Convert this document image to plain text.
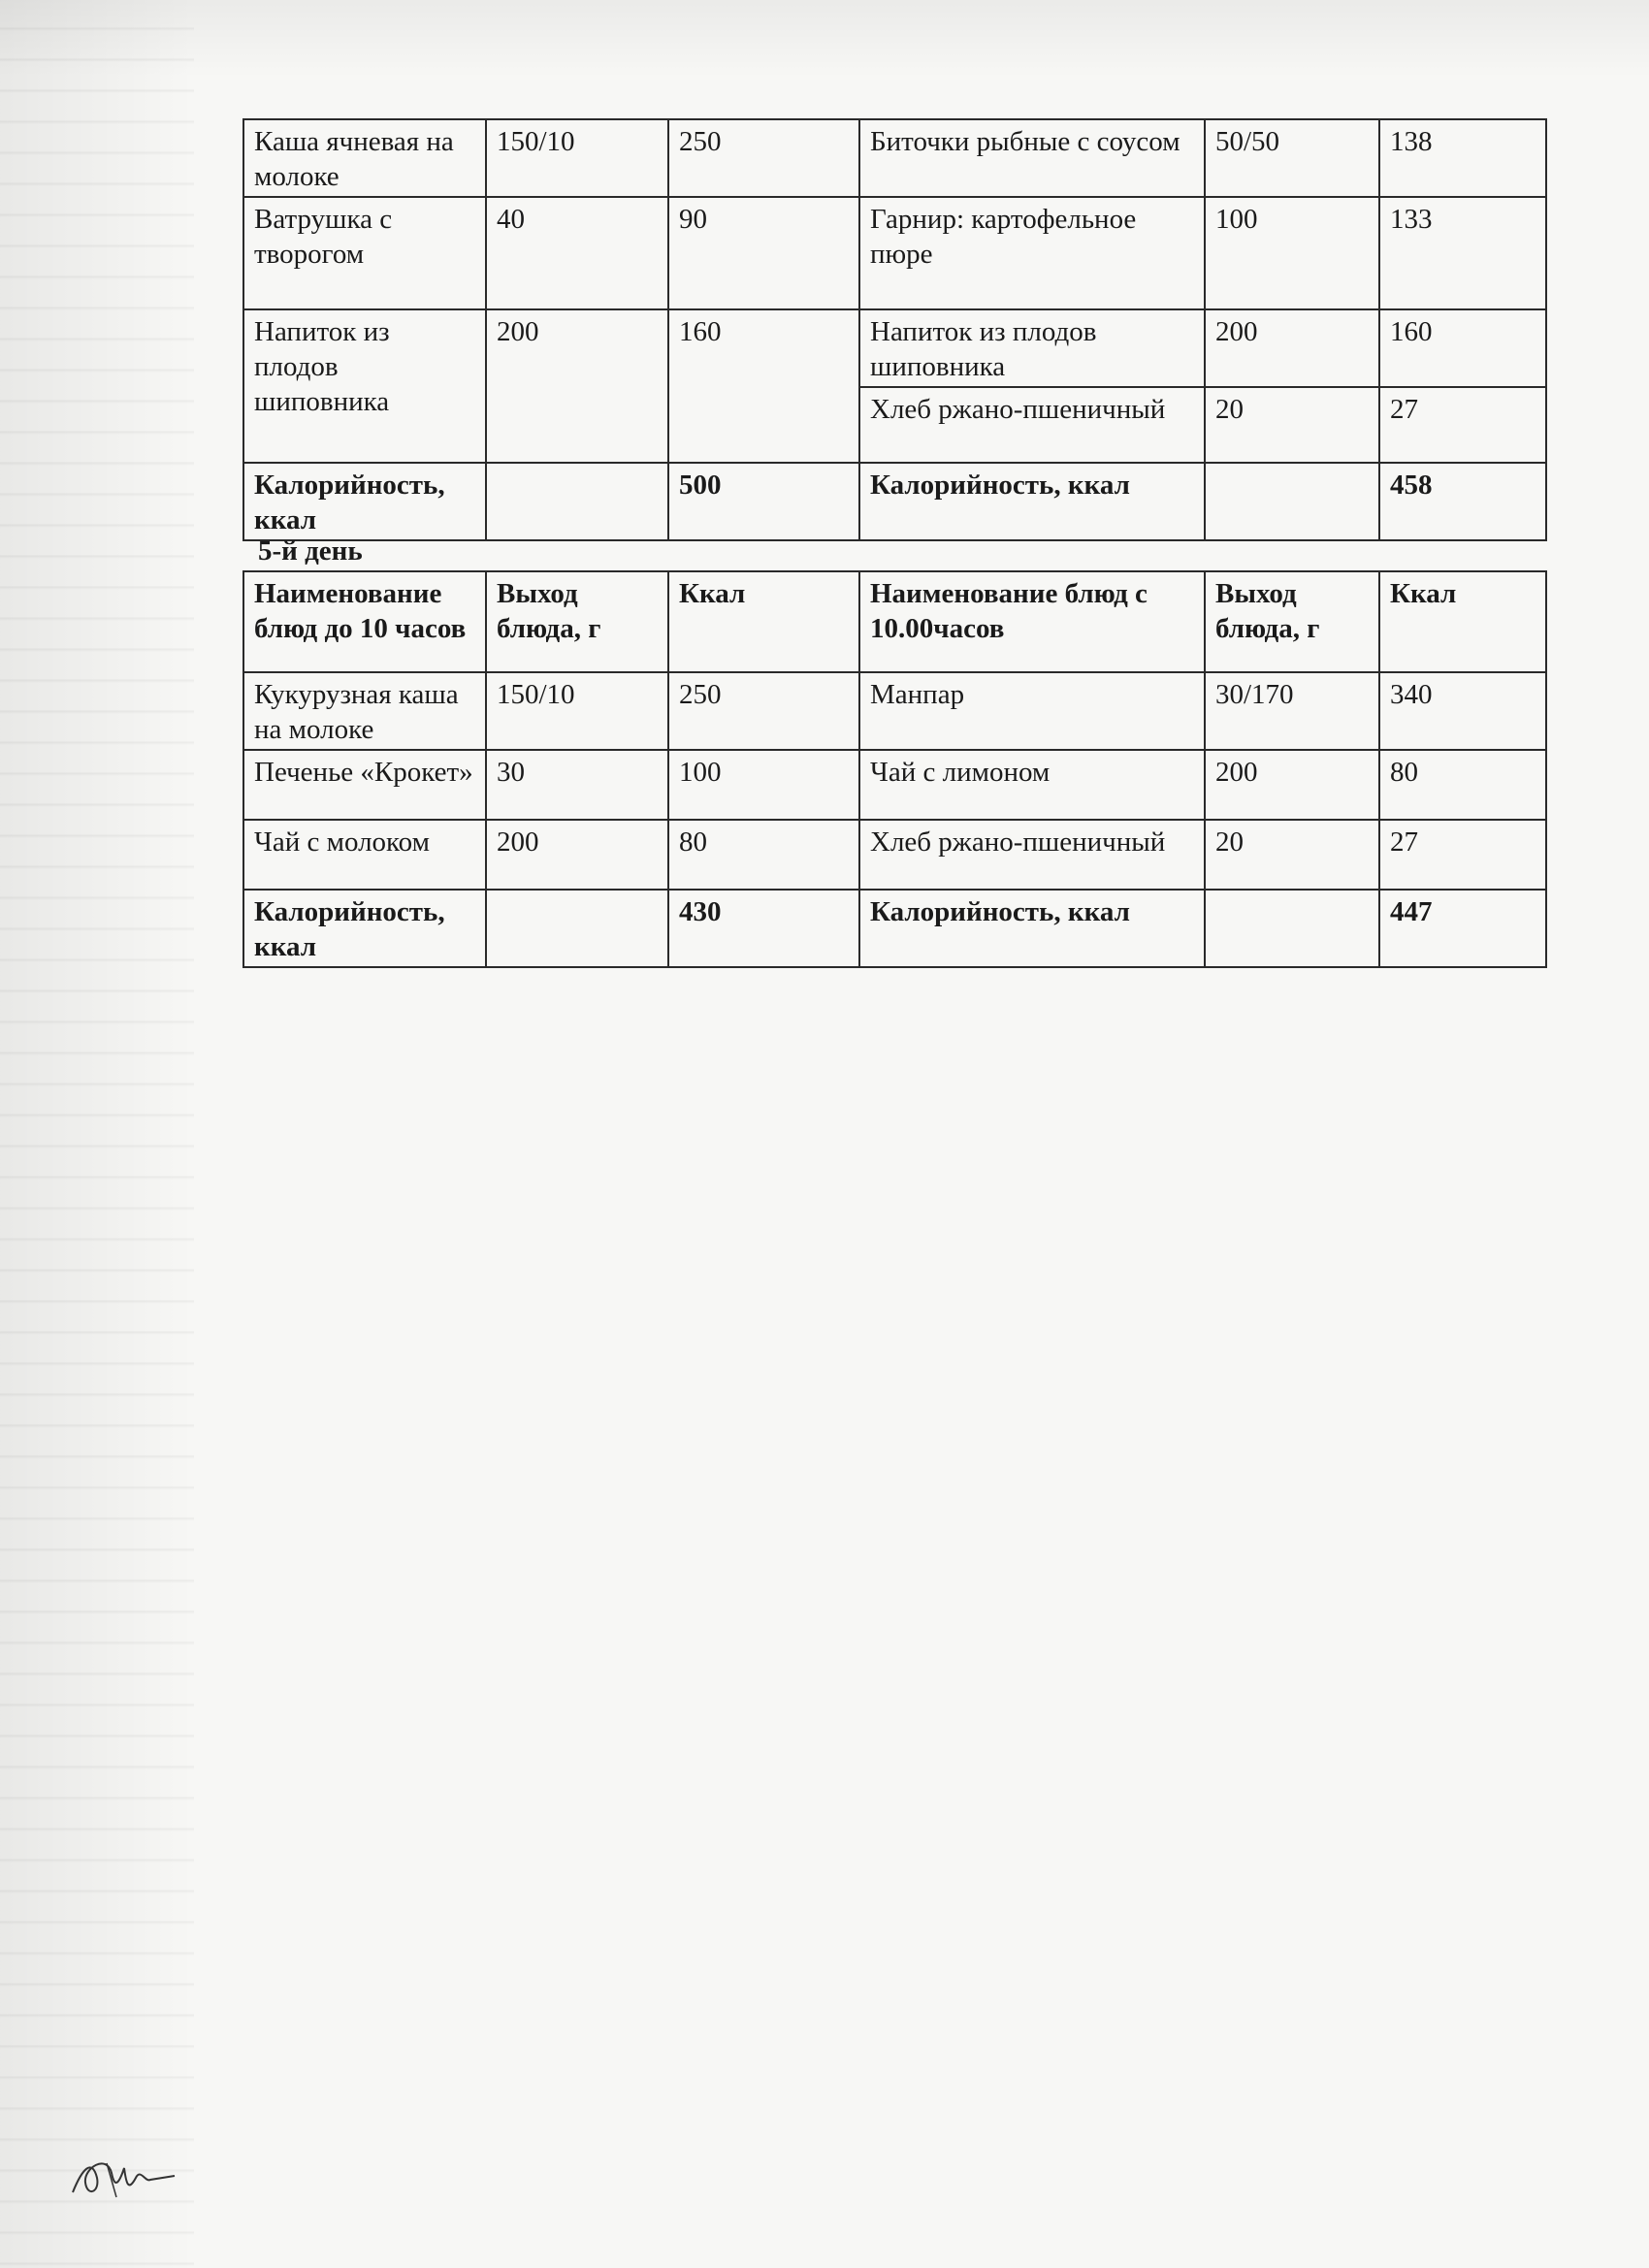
Каша ячневая на молоке	150/10	250	Биточки рыбные с соусом	50/50	138
Ватрушка с творогом	40	90	Гарнир: картофельное пюре	100	133
Напиток из плодов шиповника	200	160	Напиток из плодов шиповника	200	160
			Хлеб ржано-пшеничный	20	27
Калорийность, ккал		500	Калорийность, ккал		458
5-й день
Наименование блюд до 10 часов	Выход блюда, г	Ккал	Наименование блюд с 10.00часов	Выход блюда, г	Ккал
Кукурузная каша на молоке	150/10	250	Манпар	30/170	340
Печенье «Крокет»	30	100	Чай с лимоном	200	80
Чай с молоком	200	80	Хлеб ржано-пшеничный	20	27
Калорийность, ккал		430	Калорийность, ккал		447
